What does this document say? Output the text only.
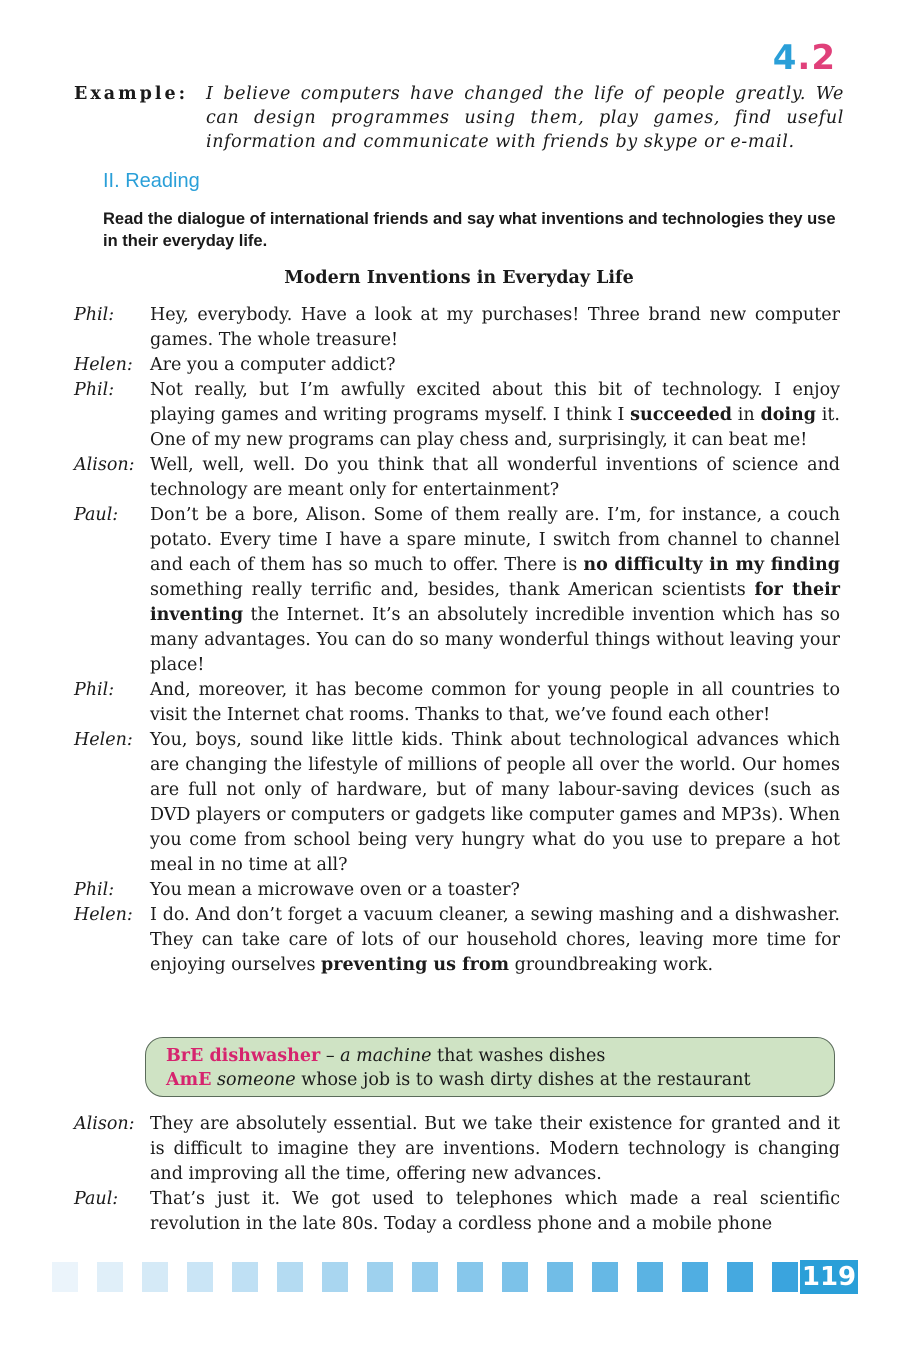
4.2
Example: I believe computers have changed the life of people greatly. We can design programmes using them, play games, find useful information and communicate with friends by skype or e-mail.
II. Reading
Read the dialogue of international friends and say what inventions and technologies they use in their everyday life.
Modern Inventions in Everyday Life
Phil: Hey, everybody. Have a look at my purchases! Three brand new computer games. The whole treasure!
Helen: Are you a computer addict?
Phil: Not really, but I’m awfully excited about this bit of technology. I enjoy playing games and writing programs myself. I think I succeeded in doing it. One of my new programs can play chess and, surprisingly, it can beat me!
Alison: Well, well, well. Do you think that all wonderful inventions of science and technology are meant only for entertainment?
Paul: Don’t be a bore, Alison. Some of them really are. I’m, for instance, a couch potato. Every time I have a spare minute, I switch from channel to channel and each of them has so much to offer. There is no difficulty in my finding something really terrific and, besides, thank American scientists for their inventing the Internet. It’s an absolutely incredible invention which has so many advantages. You can do so many wonderful things without leaving your place!
Phil: And, moreover, it has become common for young people in all countries to visit the Internet chat rooms. Thanks to that, we’ve found each other!
Helen: You, boys, sound like little kids. Think about technological advances which are changing the lifestyle of millions of people all over the world. Our homes are full not only of hardware, but of many labour-saving devices (such as DVD players or computers or gadgets like computer games and MP3s). When you come from school being very hungry what do you use to prepare a hot meal in no time at all?
Phil: You mean a microwave oven or a toaster?
Helen: I do. And don’t forget a vacuum cleaner, a sewing mashing and a dishwasher. They can take care of lots of our household chores, leaving more time for enjoying ourselves preventing us from groundbreaking work.
BrE dishwasher – a machine that washes dishes
AmE someone whose job is to wash dirty dishes at the restaurant
Alison: They are absolutely essential. But we take their existence for granted and it is difficult to imagine they are inventions. Modern technology is changing and improving all the time, offering new advances.
Paul: That’s just it. We got used to telephones which made a real scientific revolution in the late 80s. Today a cordless phone and a mobile phone
119
